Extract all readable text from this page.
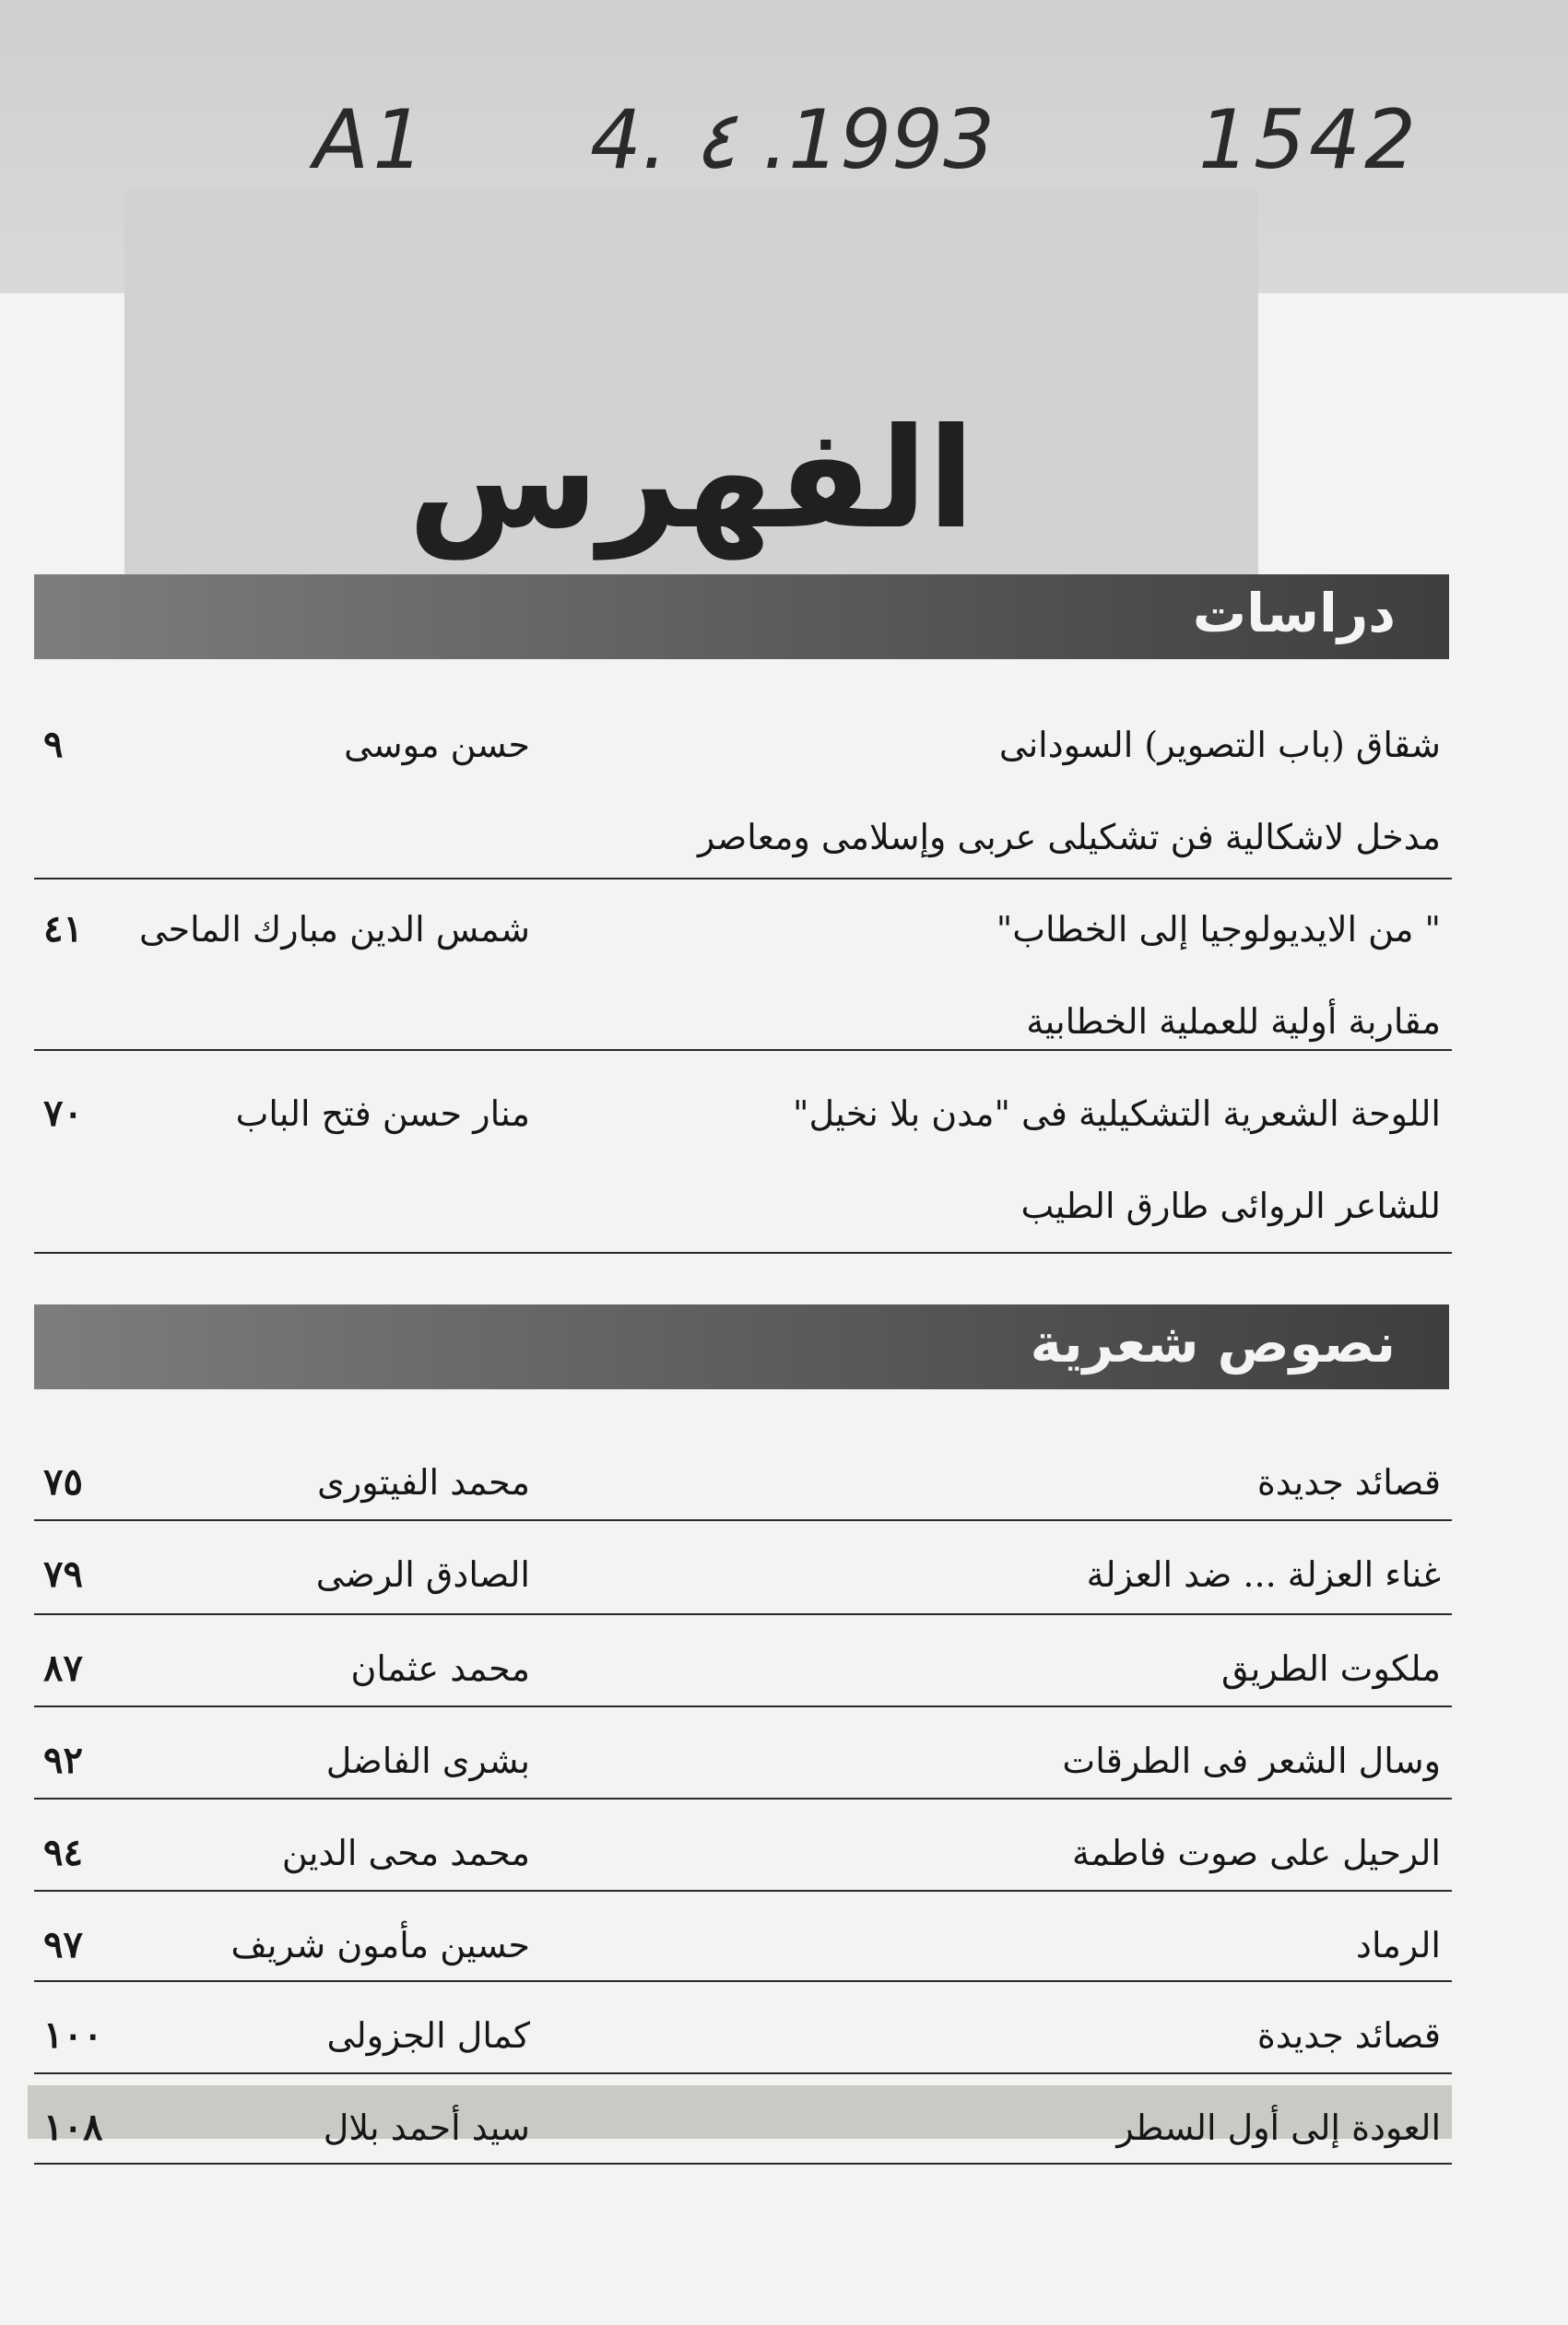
A1 4. ٤ .1993	1542
الفهرس
دراسات
شقاق (باب التصوير) السودانى
حسن موسى
٩
مدخل لاشكالية فن تشكيلى عربى وإسلامى ومعاصر
" من الايديولوجيا إلى الخطاب"
شمس الدين مبارك الماحى
٤١
مقاربة أولية للعملية الخطابية
اللوحة الشعرية التشكيلية فى "مدن بلا نخيل"
منار حسن فتح الباب
٧٠
للشاعر الروائى طارق الطيب
نصوص شعرية
قصائد جديدة
محمد الفيتورى
٧٥
غناء العزلة ... ضد العزلة
الصادق الرضى
٧٩
ملكوت الطريق
محمد عثمان
٨٧
وسال الشعر فى الطرقات
بشرى الفاضل
٩٢
الرحيل على صوت فاطمة
محمد محى الدين
٩٤
الرماد
حسين مأمون شريف
٩٧
قصائد جديدة
كمال الجزولى
١٠٠
العودة إلى أول السطر
سيد أحمد بلال
١٠٨
